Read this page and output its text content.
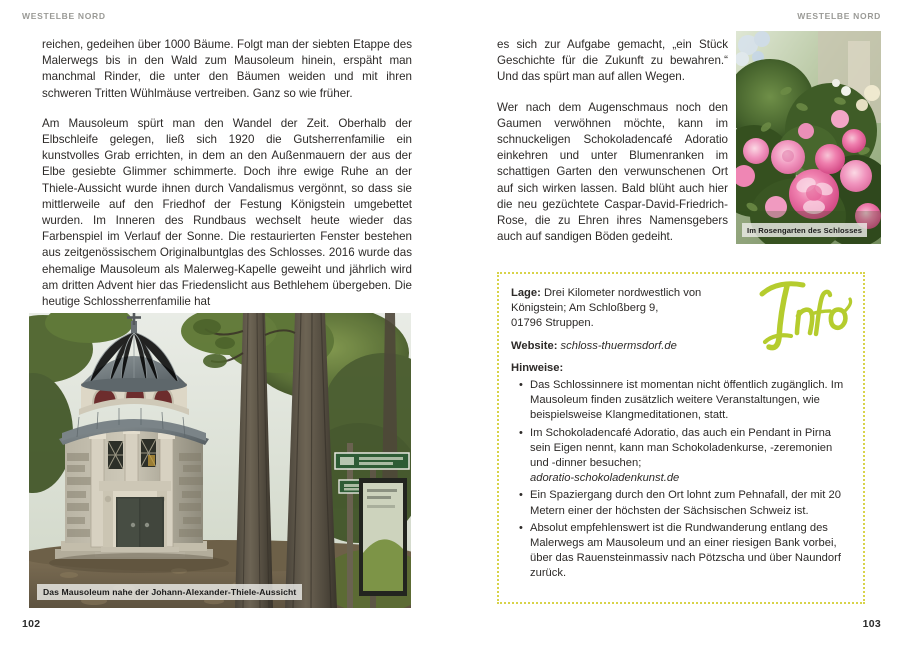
WESTELBE NORD

reichen, gedeihen über 1000 Bäume. Folgt man der siebten Etappe des Malerwegs bis in den Wald zum Mausoleum hinein, erspäht man manchmal Rinder, die unter den Bäumen weiden und mit ihren schweren Tritten Wühlmäuse vertreiben. Ganz so wie früher.

Am Mausoleum spürt man den Wandel der Zeit. Oberhalb der Elbschleife gelegen, ließ sich 1920 die Gutsherrenfamilie ein kunstvolles Grab errichten, in dem an den Außenmauern der aus der Elbe gesiebte Glimmer schimmerte. Doch ihre ewige Ruhe an der Thiele-Aussicht wurde ihnen durch Vandalismus vergönnt, so dass sie mittlerweile auf den Friedhof der Festung Königstein umgebettet wurden. Im Inneren des Rundbaus wechselt heute wieder das Farbenspiel im Verlauf der Sonne. Die restaurierten Fenster bestehen aus zeitgenössischem Originalbuntglas des Schlosses. 2016 wurde das ehemalige Mausoleum als Malerweg-Kapelle geweiht und jährlich wird am dritten Advent hier das Friedenslicht aus Bethlehem übergeben. Die heutige Schlossherrenfamilie hat

Das Mausoleum nahe der Johann-Alexander-Thiele-Aussicht
102
WESTELBE NORD
103

es sich zur Aufgabe gemacht, „ein Stück Geschichte für die Zukunft zu bewahren.“ Und das spürt man auf allen Wegen.

Wer nach dem Augenschmaus noch den Gaumen verwöhnen möchte, kann im schnuckeligen Schokoladencafé Adoratio einkehren und unter Blumenranken im schattigen Garten den verwunschenen Ort auf sich wirken lassen. Bald blüht auch hier die neu gezüchtete Caspar-David-Friedrich-Rose, die zu Ehren ihres Namensgebers auch auf sandigen Böden gedeiht.

Im Rosengarten des Schlosses
Lage: Drei Kilometer nordwestlich von
Königstein; Am Schloßberg 9,
01796 Struppen.
Website: schloss-thuermsdorf.de
Hinweise:
• Das Schlossinnere ist momentan nicht öffentlich zugänglich. Im Mausoleum finden zusätzlich weitere Veranstaltungen, wie beispielsweise Klangmeditationen, statt.
• Im Schokoladencafé Adoratio, das auch ein Pendant in Pirna sein Eigen nennt, kann man Schokoladenkurse, -zeremonien und -dinner besuchen;
adoratio-schokoladenkunst.de
• Ein Spaziergang durch den Ort lohnt zum Pehnafall, der mit 20 Metern einer der höchsten der Sächsischen Schweiz ist.
• Absolut empfehlenswert ist die Rundwanderung entlang des Malerwegs am Mausoleum und an einer riesigen Bank vorbei, über das Rauensteinmassiv nach Pötzscha und über Naundorf zurück.
